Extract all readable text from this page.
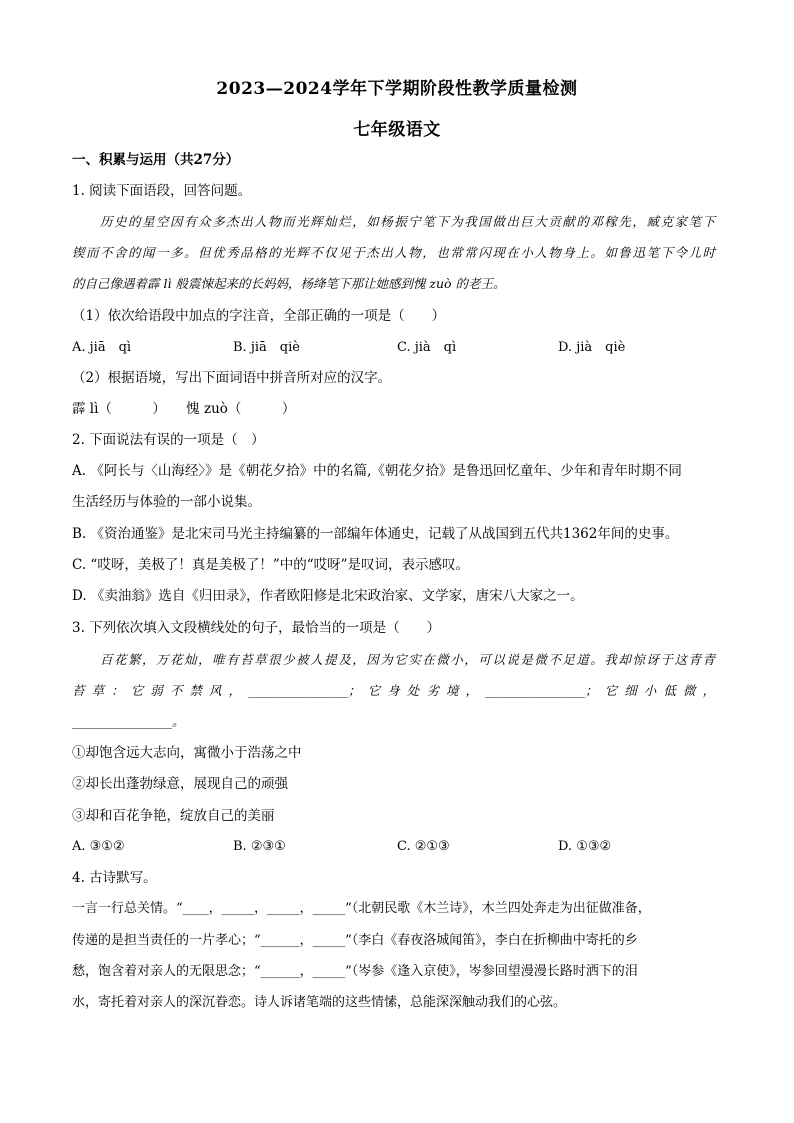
2023—2024学年下学期阶段性教学质量检测
七年级语文
一、积累与运用（共27分）
1. 阅读下面语段，回答问题。
历史的星空因有众多杰出人物而光辉灿烂，如杨振宁笔下为我国做出巨大贡献的邓稼先，臧克家笔下
锲而不舍的闻一多。但优秀品格的光辉不仅见于杰出人物，也常常闪现在小人物身上。如鲁迅笔下令儿时
的自己像遇着霹 lì 般震悚起来的长妈妈，杨绛笔下那让她感到愧 zuò 的老王。
（1）依次给语段中加点的字注音，全部正确的一项是（　　）
A. jiā　qì	B. jiā　qiè	C. jià　qì	D. jià　qiè
（2）根据语境，写出下面词语中拼音所对应的汉字。
霹 lì（　　　）　　愧 zuò（　　　）
2. 下面说法有误的一项是（　）
A. 《阿长与〈山海经〉》是《朝花夕拾》中的名篇,《朝花夕拾》是鲁迅回忆童年、少年和青年时期不同
生活经历与体验的一部小说集。
B. 《资治通鉴》是北宋司马光主持编纂的一部编年体通史，记载了从战国到五代共1362年间的史事。
C. “哎呀，美极了！真是美极了！”中的“哎呀”是叹词，表示感叹。
D. 《卖油翁》选自《归田录》，作者欧阳修是北宋政治家、文学家，唐宋八大家之一。
3. 下列依次填入文段横线处的句子，最恰当的一项是（　　）
百花繁，万花灿，唯有苔草很少被人提及，因为它实在微小，可以说是微不足道。我却惊讶于这青青
苔草：它弱不禁风，________________；它身处劣境，________________；它细小低微，
________________。
①却饱含远大志向，寓微小于浩荡之中
②却长出蓬勃绿意，展现自己的顽强
③却和百花争艳，绽放自己的美丽
A. ③①②	B. ②③①	C. ②①③	D. ①③②
4. 古诗默写。
一言一行总关情。“____，_____，_____，_____”（北朝民歌《木兰诗》，木兰四处奔走为出征做准备，
传递的是担当责任的一片孝心；“______，_____”（李白《春夜洛城闻笛》，李白在折柳曲中寄托的乡
愁，饱含着对亲人的无限思念；“______，_____”（岑参《逢入京使》，岑参回望漫漫长路时洒下的泪
水，寄托着对亲人的深沉眷恋。诗人诉诸笔端的这些情愫，总能深深触动我们的心弦。
